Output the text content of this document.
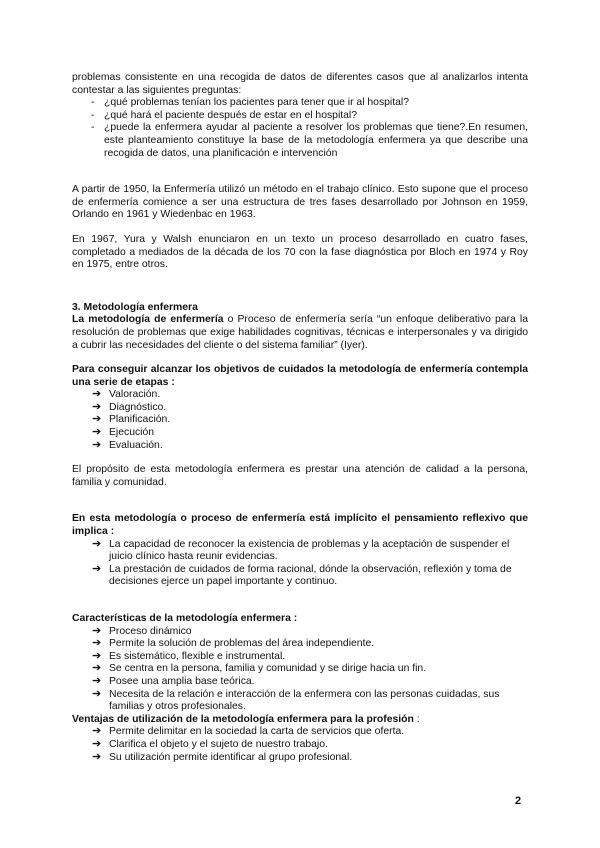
problemas consistente en una recogida de datos de diferentes casos que al analizarlos intenta contestar a las siguientes preguntas:

- ¿qué problemas tenían los pacientes para tener que ir al hospital?
- ¿qué hará el paciente después de estar en el hospital?
- ¿puede la enfermera ayudar al paciente a resolver los problemas que tiene?.En resumen, este planteamiento constituye la base de la metodología enfermera ya que describe una recogida de datos, una planificación e intervención

A partir de 1950, la Enfermería utilizó un método en el trabajo clínico. Esto supone que el proceso de enfermería comience a ser una estructura de tres fases desarrollado por Johnson en 1959, Orlando en 1961 y Wiedenbac en 1963.

En 1967, Yura y Walsh enunciaron en un texto un proceso desarrollado en cuatro fases, completado a mediados de la década de los 70 con la fase diagnóstica por Bloch en 1974 y Roy en 1975, entre otros.

3. Metodología enfermera

La metodología de enfermería o Proceso de enfermería sería “un enfoque deliberativo para la resolución de problemas que exige habilidades cognitivas, técnicas e interpersonales y va dirigido a cubrir las necesidades del cliente o del sistema familiar” (Iyer).

Para conseguir alcanzar los objetivos de cuidados la metodología de enfermería contempla una serie de etapas :

➔ Valoración.
➔ Diagnóstico.
➔ Planificación.
➔ Ejecución
➔ Evaluación.

El propósito de esta metodología enfermera es prestar una atención de calidad a la persona, familia y comunidad.

En esta metodología o proceso de enfermería está implícito el pensamiento reflexivo que implica :

➔ La capacidad de reconocer la existencia de problemas y la aceptación de suspender el juicio clínico hasta reunir evidencias.
➔ La prestación de cuidados de forma racional, dónde la observación, reflexión y toma de decisiones ejerce un papel importante y continuo.

Características de la metodología enfermera :

➔ Proceso dinámico
➔ Permite la solución de problemas del área independiente.
➔ Es sistemático, flexible e instrumental.
➔ Se centra en la persona, familia y comunidad y se dirige hacia un fin.
➔ Posee una amplia base teórica.
➔ Necesita de la relación e interacción de la enfermera con las personas cuidadas, sus familias y otros profesionales.

Ventajas de utilización de la metodología enfermera para la profesión :

➔ Permite delimitar en la sociedad la carta de servicios que oferta.
➔ Clarifica el objeto y el sujeto de nuestro trabajo.
➔ Su utilización permite identificar al grupo profesional.
2
